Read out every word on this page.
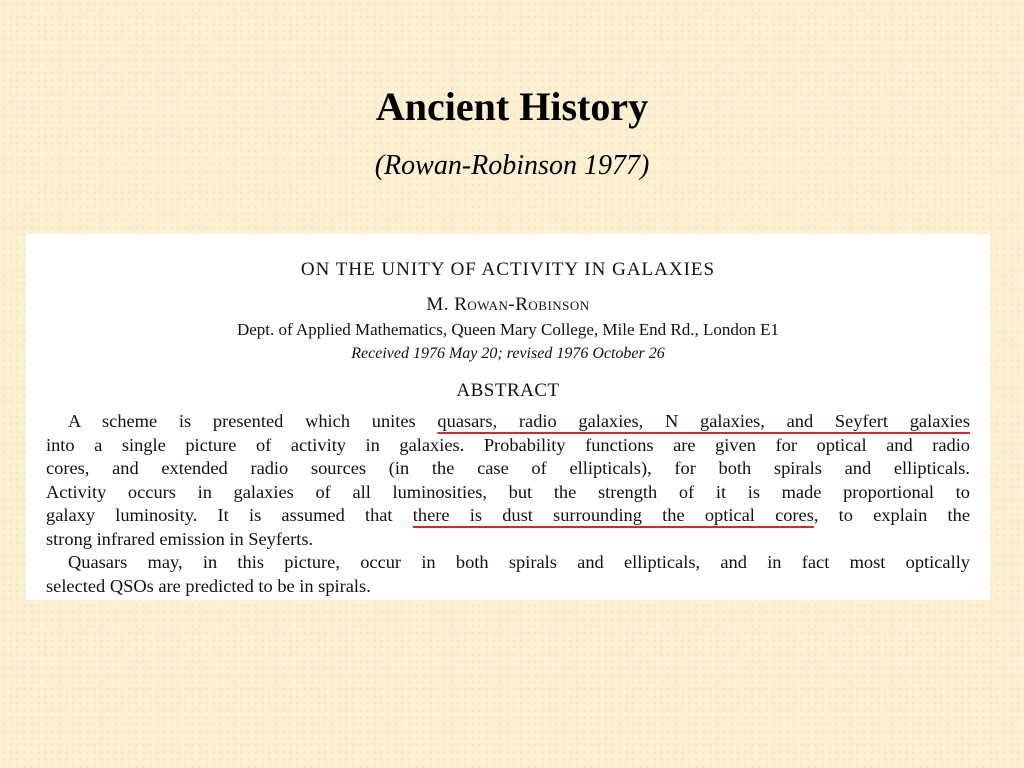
Ancient History
(Rowan-Robinson 1977)
ON THE UNITY OF ACTIVITY IN GALAXIES
M. Rowan-Robinson
Dept. of Applied Mathematics, Queen Mary College, Mile End Rd., London E1
Received 1976 May 20; revised 1976 October 26
ABSTRACT
A scheme is presented which unites quasars, radio galaxies, N galaxies, and Seyfert galaxies
into a single picture of activity in galaxies. Probability functions are given for optical and radio
cores, and extended radio sources (in the case of ellipticals), for both spirals and ellipticals.
Activity occurs in galaxies of all luminosities, but the strength of it is made proportional to
galaxy luminosity. It is assumed that there is dust surrounding the optical cores, to explain the
strong infrared emission in Seyferts.
Quasars may, in this picture, occur in both spirals and ellipticals, and in fact most optically
selected QSOs are predicted to be in spirals.
